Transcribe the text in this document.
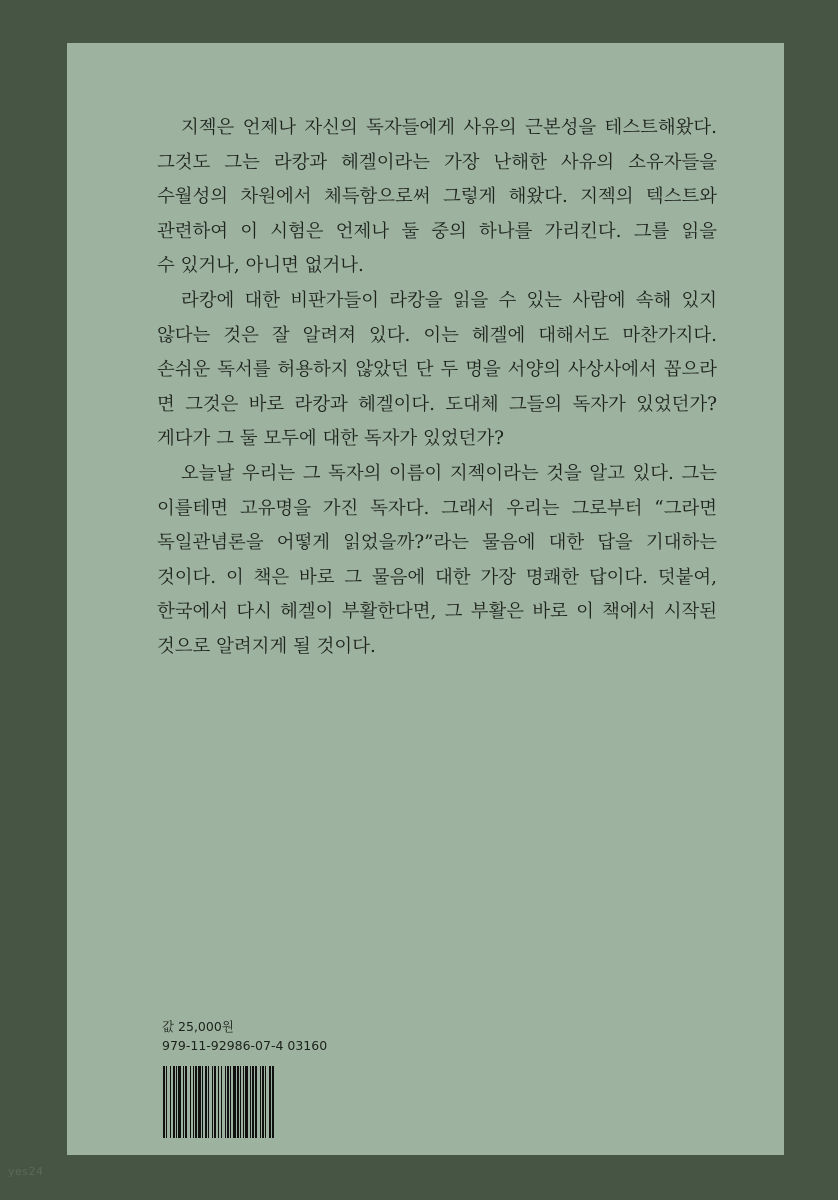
지젝은 언제나 자신의 독자들에게 사유의 근본성을 테스트해왔다.
그것도 그는 라캉과 헤겔이라는 가장 난해한 사유의 소유자들을
수월성의 차원에서 체득함으로써 그렇게 해왔다. 지젝의 텍스트와
관련하여 이 시험은 언제나 둘 중의 하나를 가리킨다. 그를 읽을
수 있거나, 아니면 없거나.

라캉에 대한 비판가들이 라캉을 읽을 수 있는 사람에 속해 있지
않다는 것은 잘 알려져 있다. 이는 헤겔에 대해서도 마찬가지다.
손쉬운 독서를 허용하지 않았던 단 두 명을 서양의 사상사에서 꼽으라
면 그것은 바로 라캉과 헤겔이다. 도대체 그들의 독자가 있었던가?
게다가 그 둘 모두에 대한 독자가 있었던가?

오늘날 우리는 그 독자의 이름이 지젝이라는 것을 알고 있다. 그는
이를테면 고유명을 가진 독자다. 그래서 우리는 그로부터 “그라면
독일관념론을 어떻게 읽었을까?”라는 물음에 대한 답을 기대하는
것이다. 이 책은 바로 그 물음에 대한 가장 명쾌한 답이다. 덧붙여,
한국에서 다시 헤겔이 부활한다면, 그 부활은 바로 이 책에서 시작된
것으로 알려지게 될 것이다.

값 25,000원
979-11-92986-07-4 03160
yes24
